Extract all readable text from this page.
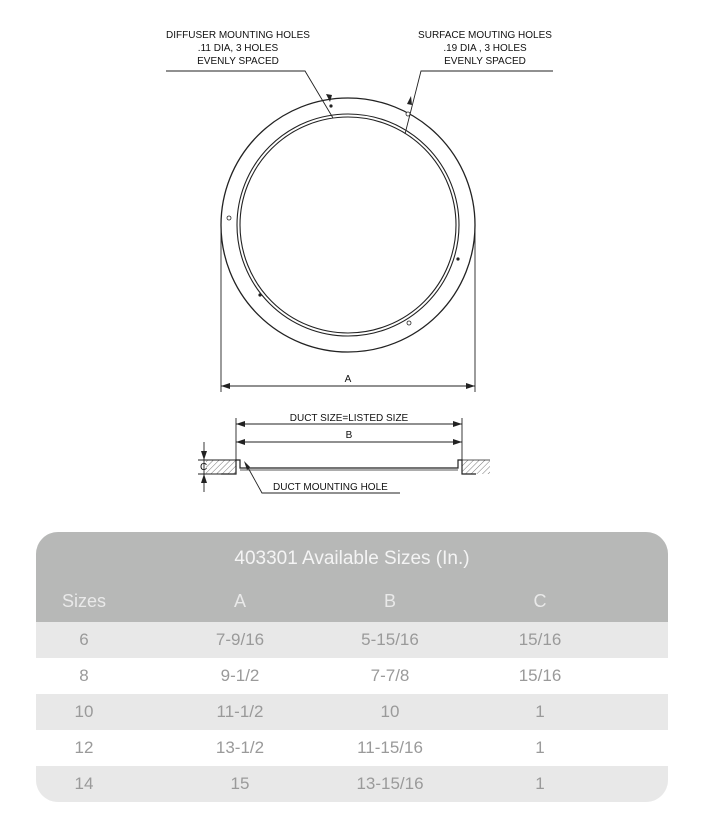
DIFFUSER MOUNTING HOLES
.11 DIA, 3 HOLES
EVENLY SPACED
SURFACE MOUTING HOLES
.19 DIA , 3 HOLES
EVENLY SPACED
A
DUCT SIZE=LISTED SIZE
B
C
DUCT MOUNTING HOLE
403301 Available Sizes (In.)
Sizes	A	B	C
6	7-9/16	5-15/16	15/16
8	9-1/2	7-7/8	15/16
10	11-1/2	10	1
12	13-1/2	11-15/16	1
14	15	13-15/16	1
